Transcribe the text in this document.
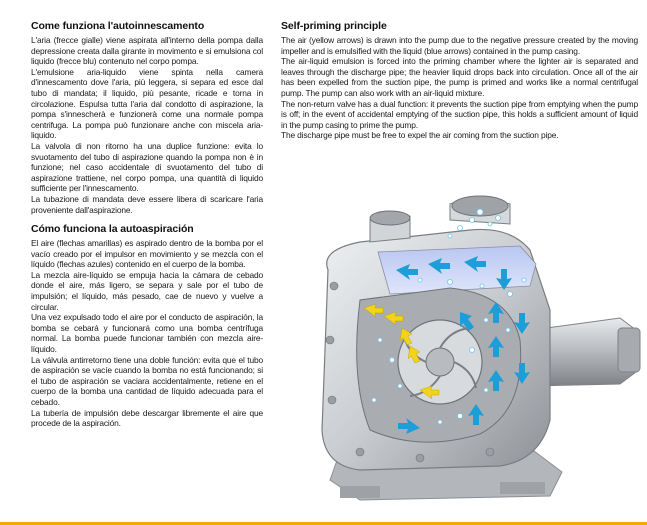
Come funziona l'autoinnescamento

L'aria (frecce gialle) viene aspirata all'interno della pompa dalla depressione creata dalla girante in movimento e si emulsiona col liquido (frecce blu) contenuto nel corpo pompa.

L'emulsione aria-liquido viene spinta nella camera d'innescamento dove l'aria, più leggera, si separa ed esce dal tubo di mandata; il liquido, più pesante, ricade e torna in circolazione. Espulsa tutta l'aria dal condotto di aspirazione, la pompa s'innescherà e funzionerà come una normale pompa centrifuga. La pompa può funzionare anche con miscela aria-liquido.

La valvola di non ritorno ha una duplice funzione: evita lo svuotamento del tubo di aspirazione quando la pompa non è in funzione; nel caso accidentale di svuotamento del tubo di aspirazione trattiene, nel corpo pompa, una quantità di liquido sufficiente per l'innescamento.

La tubazione di mandata deve essere libera di scaricare l'aria proveniente dall'aspirazione.

Cómo funciona la autoaspiración

El aire (flechas amarillas) es aspirado dentro de la bomba por el vacío creado por el impulsor en movimiento y se mezcla con el líquido (flechas azules) contenido en el cuerpo de la bomba.

La mezcla aire-líquido se empuja hacia la cámara de cebado donde el aire, más ligero, se separa y sale por el tubo de impulsión; el líquido, más pesado, cae de nuevo y vuelve a circular.

Una vez expulsado todo el aire por el conducto de aspiración, la bomba se cebará y funcionará como una bomba centrífuga normal. La bomba puede funcionar también con mezcla aire-líquido.

La válvula antirretorno tiene una doble función: evita que el tubo de aspiración se vacíe cuando la bomba no está funcionando; si el tubo de aspiración se vaciara accidentalmente, retiene en el cuerpo de la bomba una cantidad de líquido adecuada para el cebado.

La tubería de impulsión debe descargar libremente el aire que procede de la aspiración.

Self-priming principle

The air (yellow arrows) is drawn into the pump due to the negative pressure created by the moving impeller and is emulsified with the liquid (blue arrows) contained in the pump casing.

The air-liquid emulsion is forced into the priming chamber where the lighter air is separated and leaves through the discharge pipe; the heavier liquid drops back into circulation. Once all of the air has been expelled from the suction pipe, the pump is primed and works like a normal centrifugal pump. The pump can also work with an air-liquid mixture.

The non-return valve has a dual function: it prevents the suction pipe from emptying when the pump is off; in the event of accidental emptying of the suction pipe, this holds a sufficient amount of liquid in the pump casing to prime the pump.

The discharge pipe must be free to expel the air coming from the suction pipe.
